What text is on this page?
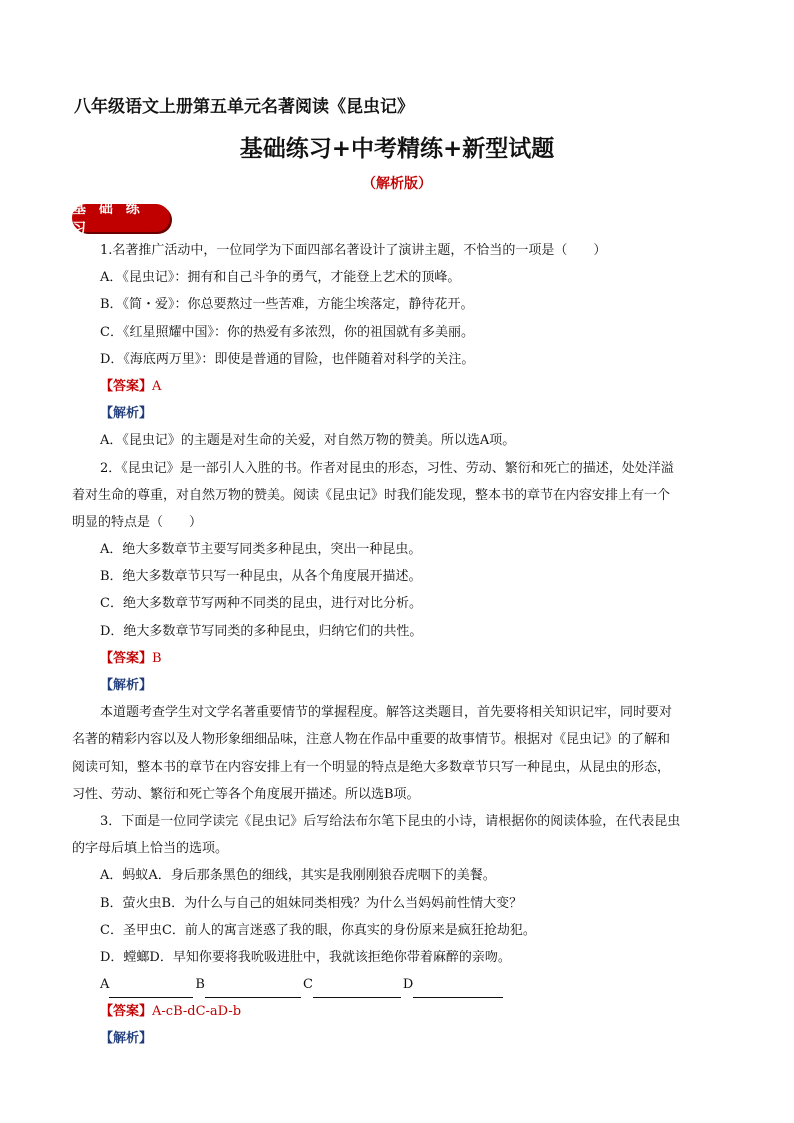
八年级语文上册第五单元名著阅读《昆虫记》
基础练习+中考精练+新型试题
（解析版）
基 础 练 习
1.名著推广活动中，一位同学为下面四部名著设计了演讲主题，不恰当的一项是（　　）
A．《昆虫记》：拥有和自己斗争的勇气，才能登上艺术的顶峰。
B．《简・爱》：你总要熬过一些苦难，方能尘埃落定，静待花开。
C．《红星照耀中国》：你的热爱有多浓烈，你的祖国就有多美丽。
D．《海底两万里》：即使是普通的冒险，也伴随着对科学的关注。
【答案】A
【解析】
A．《昆虫记》的主题是对生命的关爱，对自然万物的赞美。所以选A项。
2．《昆虫记》是一部引人入胜的书。作者对昆虫的形态，习性、劳动、繁衍和死亡的描述，处处洋溢
着对生命的尊重，对自然万物的赞美。阅读《昆虫记》时我们能发现，整本书的章节在内容安排上有一个
明显的特点是（　　）
A．绝大多数章节主要写同类多种昆虫，突出一种昆虫。
B．绝大多数章节只写一种昆虫，从各个角度展开描述。
C．绝大多数章节写两种不同类的昆虫，进行对比分析。
D．绝大多数章节写同类的多种昆虫，归纳它们的共性。
【答案】B
【解析】
本道题考查学生对文学名著重要情节的掌握程度。解答这类题目，首先要将相关知识记牢，同时要对
名著的精彩内容以及人物形象细细品味，注意人物在作品中重要的故事情节。根据对《昆虫记》的了解和
阅读可知，整本书的章节在内容安排上有一个明显的特点是绝大多数章节只写一种昆虫，从昆虫的形态，
习性、劳动、繁衍和死亡等各个角度展开描述。所以选B项。
3．下面是一位同学读完《昆虫记》后写给法布尔笔下昆虫的小诗，请根据你的阅读体验，在代表昆虫
的字母后填上恰当的选项。
A．蚂蚁A．身后那条黑色的细线，其实是我刚刚狼吞虎咽下的美餐。
B．萤火虫B．为什么与自己的姐妹同类相残？为什么当妈妈前性情大变？
C．圣甲虫C．前人的寓言迷惑了我的眼，你真实的身份原来是疯狂抢劫犯。
D．螳螂D．早知你要将我吮吸进肚中，我就该拒绝你带着麻醉的亲吻。
A	B	C	D
【答案】A-cB-dC-aD-b
【解析】
